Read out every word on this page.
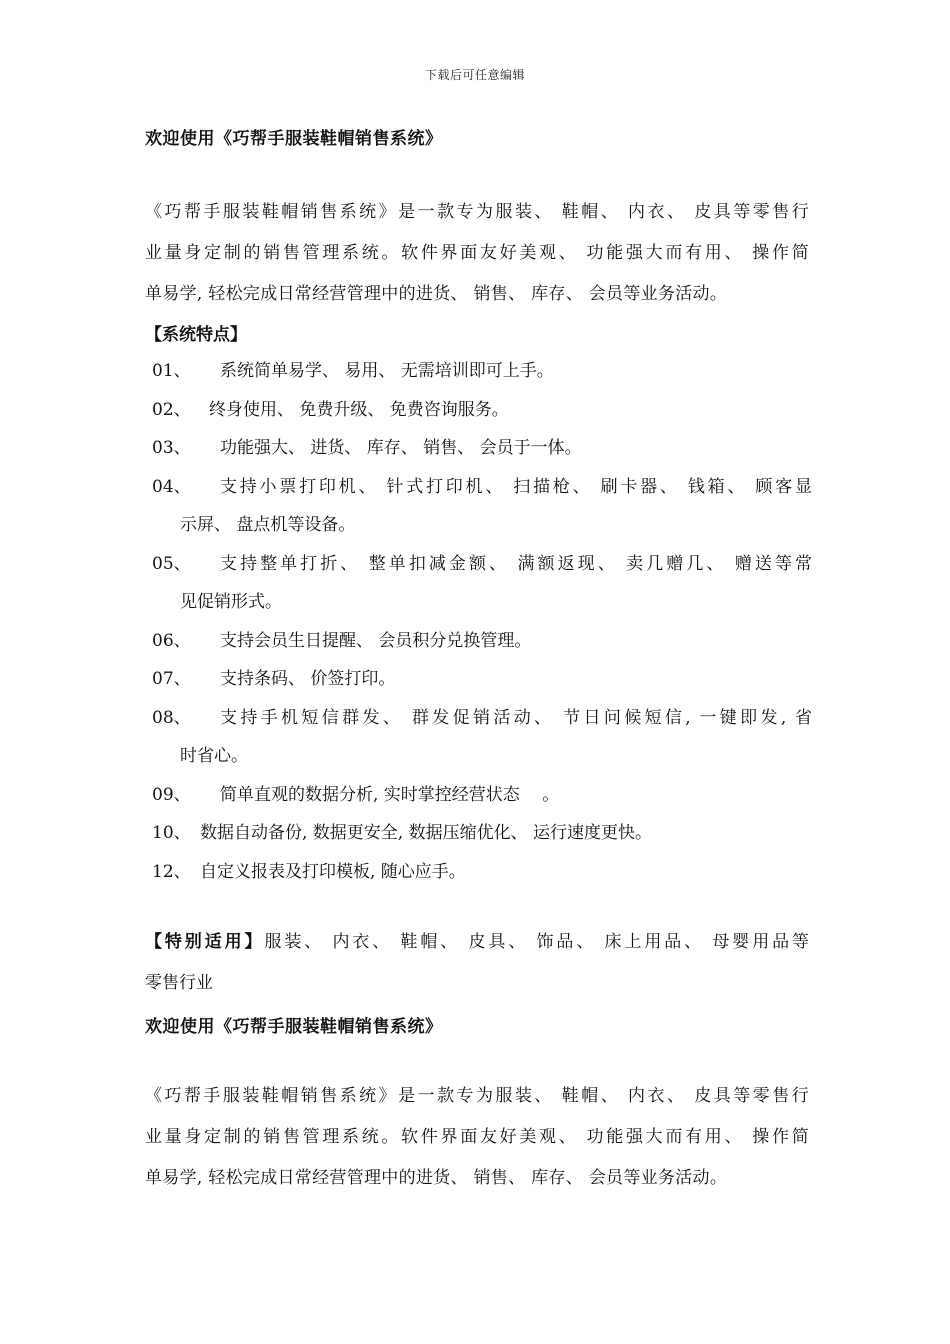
下载后可任意编辑
欢迎使用《巧帮手服装鞋帽销售系统》
《巧帮手服装鞋帽销售系统》是一款专为服装、 鞋帽、 内衣、 皮具等零售行
业量身定制的销售管理系统。软件界面友好美观、 功能强大而有用、 操作简
单易学, 轻松完成日常经营管理中的进货、 销售、 库存、 会员等业务活动。
【系统特点】
01、	系统简单易学、 易用、 无需培训即可上手。
02、	终身使用、 免费升级、 免费咨询服务。
03、	功能强大、 进货、 库存、 销售、 会员于一体。
04、	支持小票打印机、 针式打印机、 扫描枪、 刷卡器、 钱箱、 顾客显
示屏、 盘点机等设备。
05、	支持整单打折、 整单扣减金额、 满额返现、 卖几赠几、 赠送等常
见促销形式。
06、	支持会员生日提醒、 会员积分兑换管理。
07、	支持条码、 价签打印。
08、	支持手机短信群发、 群发促销活动、 节日问候短信, 一键即发, 省
时省心。
09、	简单直观的数据分析, 实时掌控经营状态 　。
10、 数据自动备份, 数据更安全, 数据压缩优化、 运行速度更快。
12、 自定义报表及打印模板, 随心应手。
【特别适用】服装、 内衣、 鞋帽、 皮具、 饰品、 床上用品、 母婴用品等
零售行业
欢迎使用《巧帮手服装鞋帽销售系统》
《巧帮手服装鞋帽销售系统》是一款专为服装、 鞋帽、 内衣、 皮具等零售行
业量身定制的销售管理系统。软件界面友好美观、 功能强大而有用、 操作简
单易学, 轻松完成日常经营管理中的进货、 销售、 库存、 会员等业务活动。
